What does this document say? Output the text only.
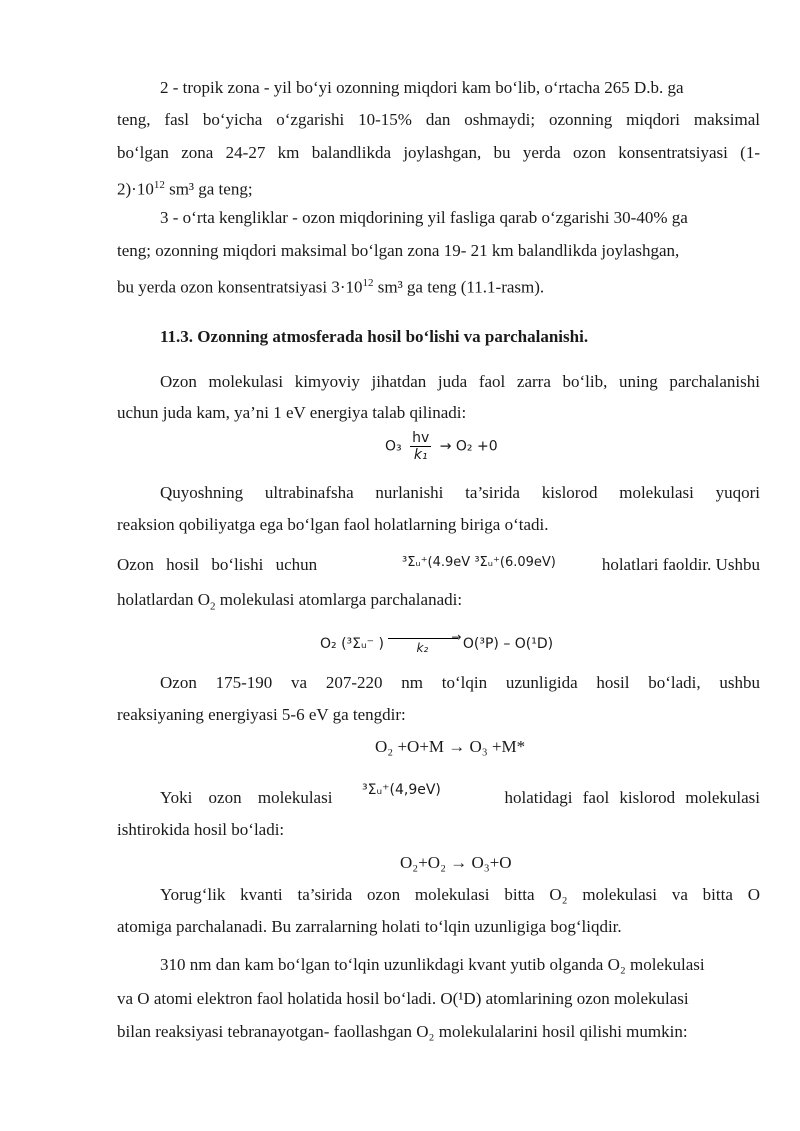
2 - tropik zona - yil bo‘yi ozonning miqdori kam bo‘lib, o‘rtacha 265 D.b. ga
teng, fasl bo‘yicha o‘zgarishi 10-15% dan oshmaydi; ozonning miqdori maksimal
bo‘lgan zona 24-27 km balandlikda joylashgan, bu yerda ozon konsentratsiyasi (1-
$2)\cdot 10^{12}$ sm³ ga teng;
3 - o‘rta kengliklar - ozon miqdorining yil fasliga qarab o‘zgarishi 30-40% ga
teng; ozonning miqdori maksimal bo‘lgan zona 19- 21 km balandlikda joylashgan,
bu yerda ozon konsentratsiyasi $3\cdot 10^{12}$ sm³ ga teng (11.1-rasm).
11.3. Ozonning atmosferada hosil bo‘lishi va parchalanishi.
Ozon molekulasi kimyoviy jihatdan juda faol zarra bo‘lib, uning parchalanishi
uchun juda kam, ya’ni 1 eV energiya talab qilinadi:
$O_3 \frac{hv}{\text{k₁}} \to O_2 +0$
Quyoshning ultrabinafsha nurlanishi ta’sirida kislorod molekulasi yuqori
reaksion qobiliyatga ega bo‘lgan faol holatlarning biriga o‘tadi.
Ozon hosil bo‘lishi uchun	³Σᵤ⁺(4.9eV ³Σᵤ⁺(6.09eV)	holatlari faoldir. Ushbu
holatlardan $O_2$ molekulasi atomlarga parchalanadi:
O₂ (³Σᵤ⁻ )	→
k₂ O(³P) – O(¹D)
Ozon 175-190 va 207-220 nm to‘lqin uzunligida hosil bo‘ladi, ushbu
reaksiyaning energiyasi 5-6 eV ga tengdir:
O₂ +O+M → O₃ +M*
Yoki ozon molekulasi ³Σᵤ⁺(4,9eV)	holatidagi faol kislorod molekulasi
ishtirokida hosil bo‘ladi:
O₂+O₂ → O₃+O
Yorug‘lik kvanti ta’sirida ozon molekulasi bitta O₂ molekulasi va bitta O
atomiga parchalanadi. Bu zarralarning holati to‘lqin uzunligiga bog‘liqdir.
310 nm dan kam bo‘lgan to‘lqin uzunlikdagi kvant yutib olganda O₂ molekulasi
va O atomi elektron faol holatida hosil bo‘ladi. O(¹D) atomlarining ozon molekulasi
bilan reaksiyasi tebranayotgan- faollashgan O₂ molekulalarini hosil qilishi mumkin:
